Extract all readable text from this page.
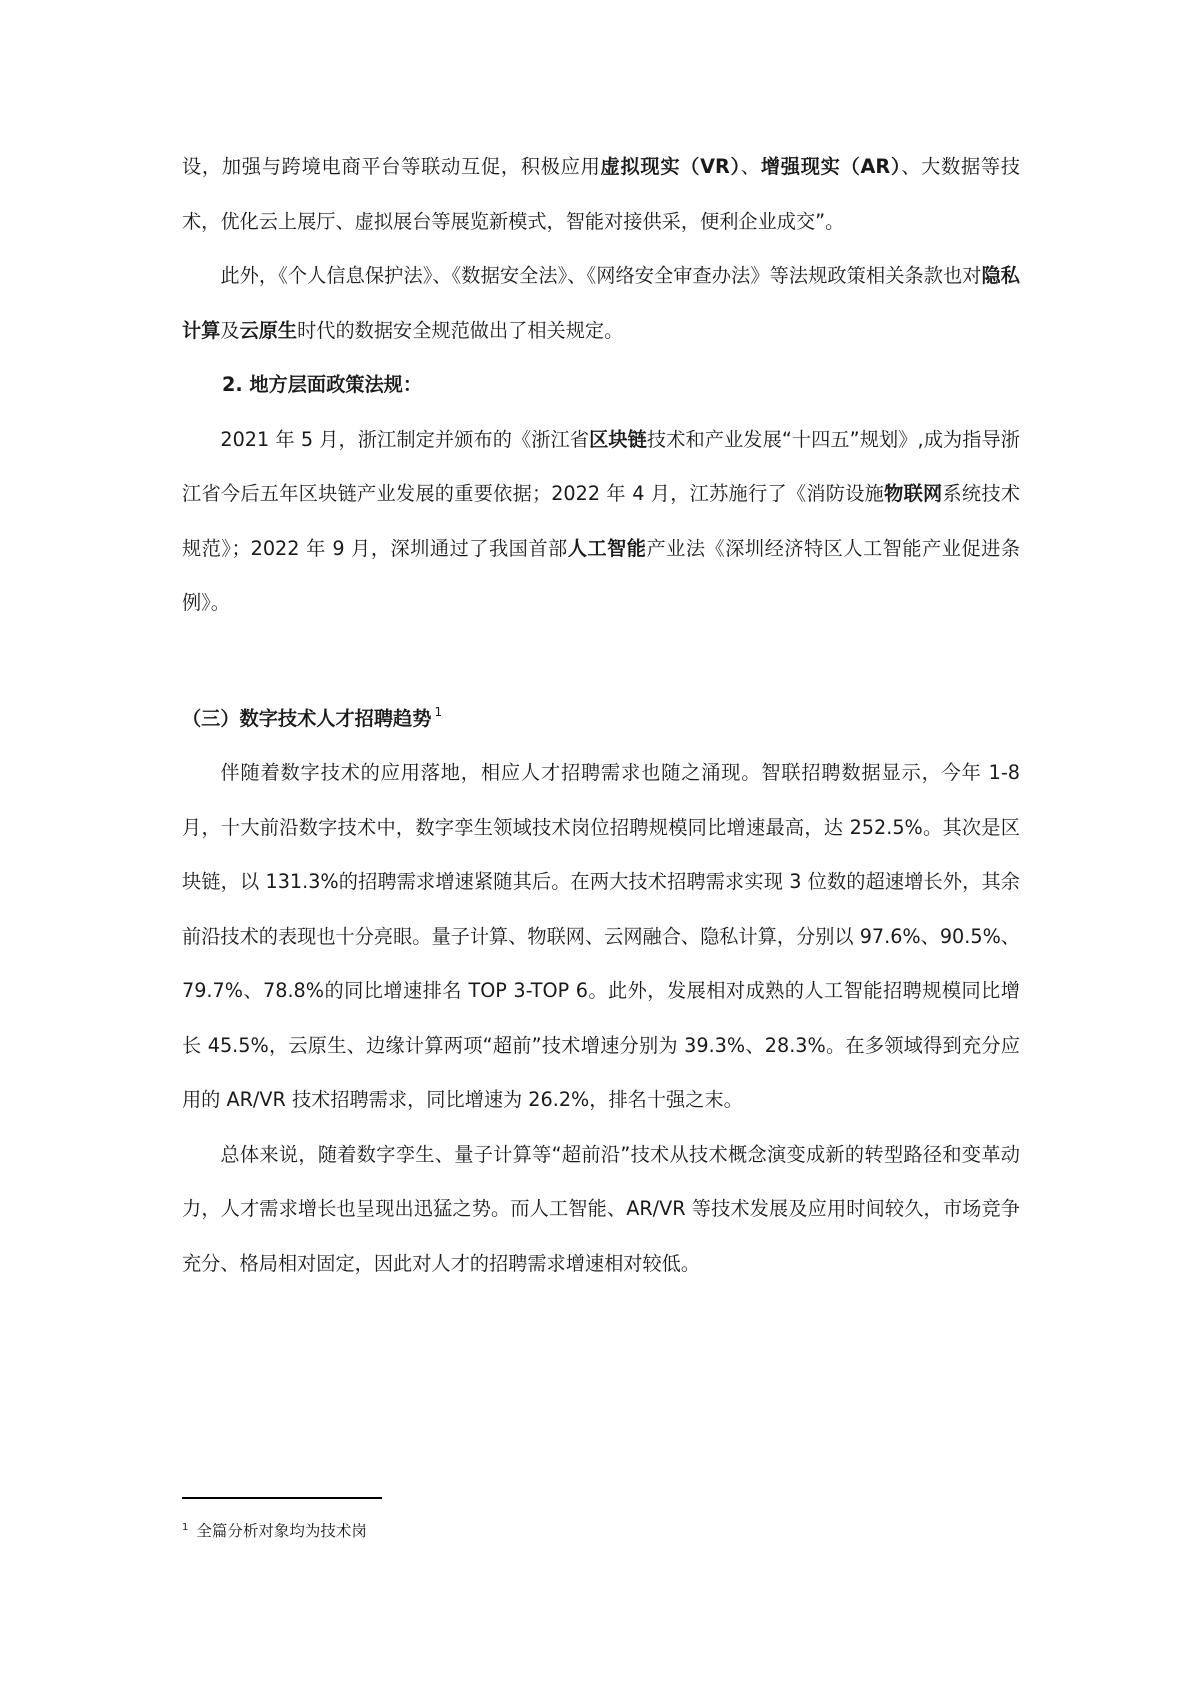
设，加强与跨境电商平台等联动互促，积极应用虚拟现实（VR）、增强现实（AR）、大数据等技术，优化云上展厅、虚拟展台等展览新模式，智能对接供采，便利企业成交”。

此外，《个人信息保护法》、《数据安全法》、《网络安全审查办法》等法规政策相关条款也对隐私计算及云原生时代的数据安全规范做出了相关规定。

2. 地方层面政策法规：

2021 年 5 月，浙江制定并颁布的《浙江省区块链技术和产业发展“十四五”规划》,成为指导浙江省今后五年区块链产业发展的重要依据；2022 年 4 月，江苏施行了《消防设施物联网系统技术规范》；2022 年 9 月，深圳通过了我国首部人工智能产业法《深圳经济特区人工智能产业促进条例》。

（三）数字技术人才招聘趋势 $^1$

伴随着数字技术的应用落地，相应人才招聘需求也随之涌现。智联招聘数据显示，今年 1-8 月，十大前沿数字技术中，数字孪生领域技术岗位招聘规模同比增速最高，达 252.5%。其次是区块链，以 131.3%的招聘需求增速紧随其后。在两大技术招聘需求实现 3 位数的超速增长外，其余前沿技术的表现也十分亮眼。量子计算、物联网、云网融合、隐私计算，分别以 97.6%、90.5%、79.7%、78.8%的同比增速排名 TOP 3-TOP 6。此外，发展相对成熟的人工智能招聘规模同比增长 45.5%，云原生、边缘计算两项“超前”技术增速分别为 39.3%、28.3%。在多领域得到充分应用的 AR/VR 技术招聘需求，同比增速为 26.2%，排名十强之末。

总体来说，随着数字孪生、量子计算等“超前沿”技术从技术概念演变成新的转型路径和变革动力，人才需求增长也呈现出迅猛之势。而人工智能、AR/VR 等技术发展及应用时间较久，市场竞争充分、格局相对固定，因此对人才的招聘需求增速相对较低。

$^1$ 全篇分析对象均为技术岗
